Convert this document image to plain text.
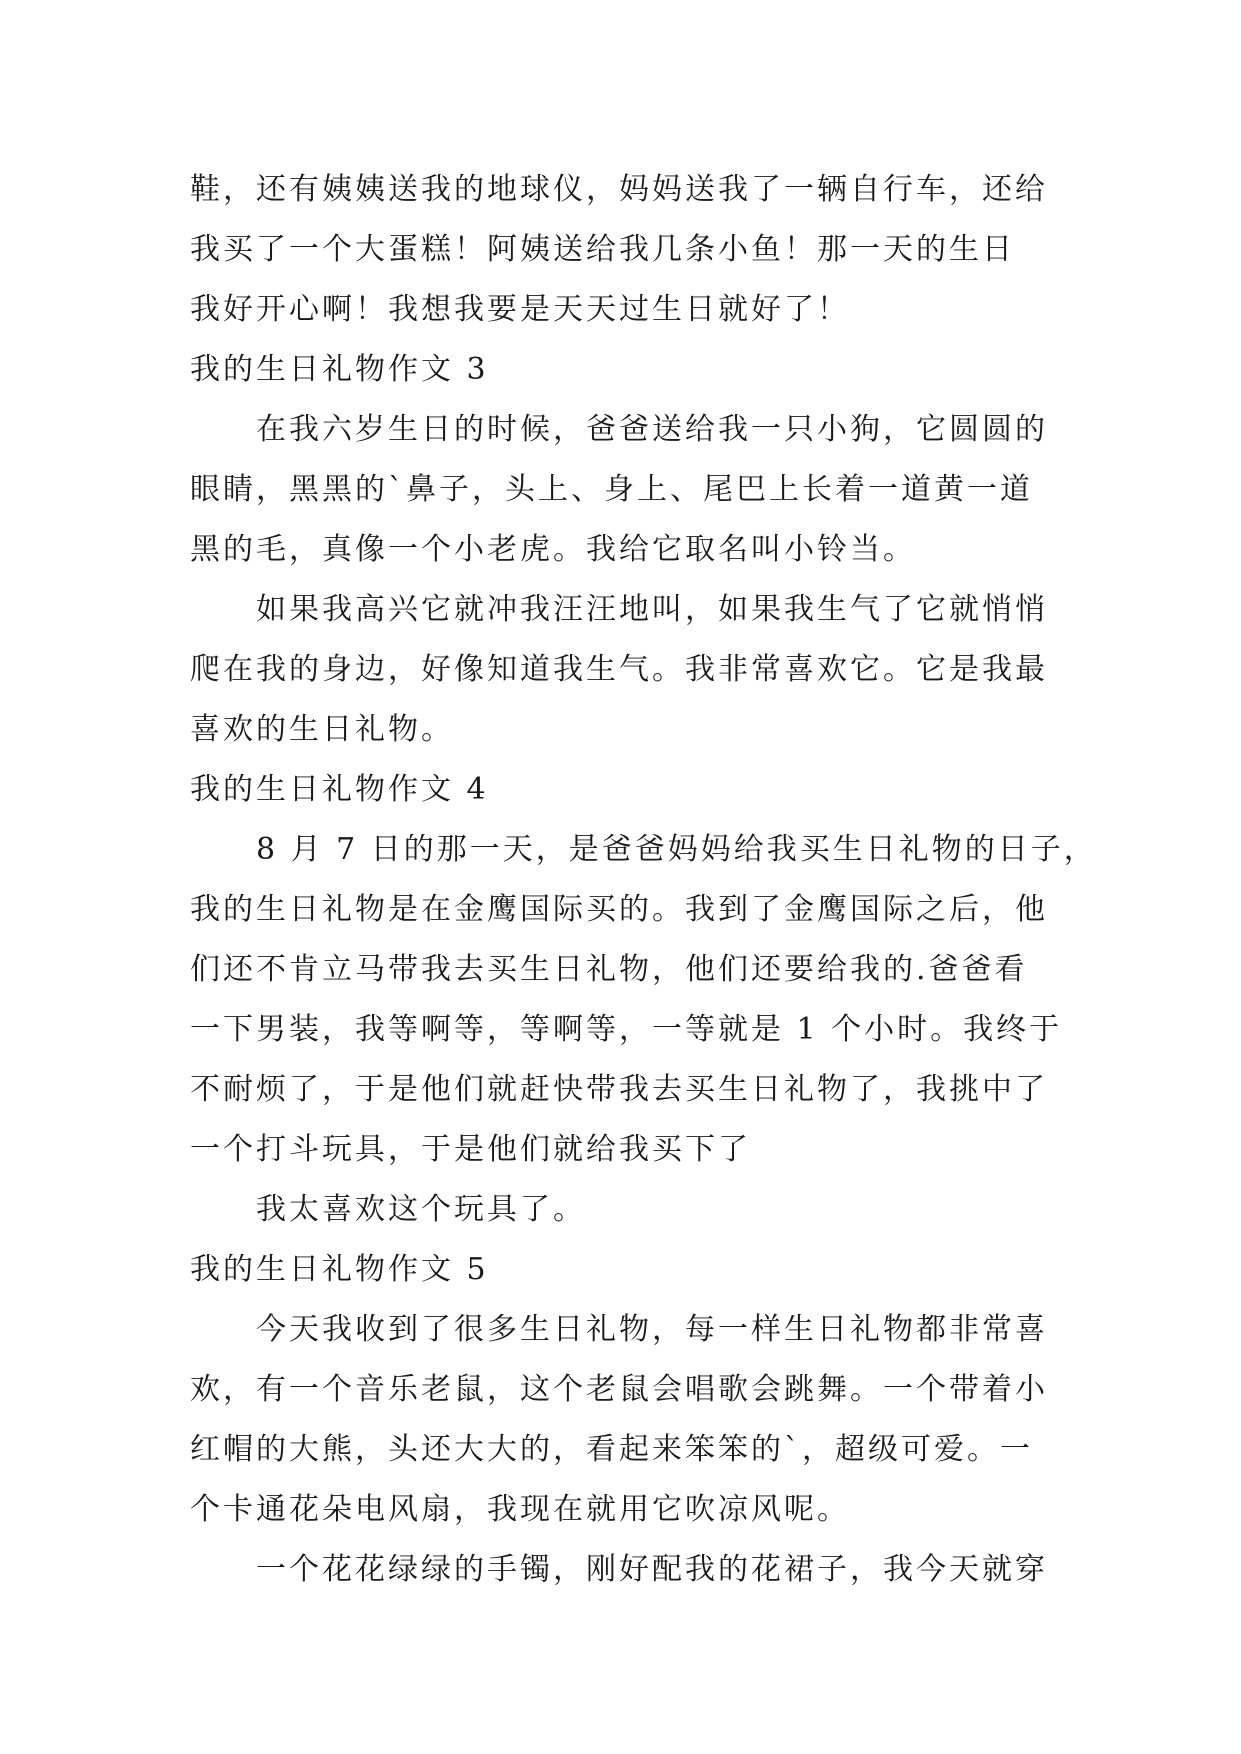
鞋，还有姨姨送我的地球仪，妈妈送我了一辆自行车，还给

我买了一个大蛋糕！阿姨送给我几条小鱼！那一天的生日

我好开心啊！我想我要是天天过生日就好了！

我的生日礼物作文 3

在我六岁生日的时候，爸爸送给我一只小狗，它圆圆的

眼睛，黑黑的`鼻子，头上、身上、尾巴上长着一道黄一道

黑的毛，真像一个小老虎。我给它取名叫小铃当。

如果我高兴它就冲我汪汪地叫，如果我生气了它就悄悄

爬在我的身边，好像知道我生气。我非常喜欢它。它是我最

喜欢的生日礼物。

我的生日礼物作文 4

8 月 7 日的那一天，是爸爸妈妈给我买生日礼物的日子，

我的生日礼物是在金鹰国际买的。我到了金鹰国际之后，他

们还不肯立马带我去买生日礼物，他们还要给我的.爸爸看

一下男装，我等啊等，等啊等，一等就是 1 个小时。我终于

不耐烦了，于是他们就赶快带我去买生日礼物了，我挑中了

一个打斗玩具，于是他们就给我买下了

我太喜欢这个玩具了。

我的生日礼物作文 5

今天我收到了很多生日礼物，每一样生日礼物都非常喜

欢，有一个音乐老鼠，这个老鼠会唱歌会跳舞。一个带着小

红帽的大熊，头还大大的，看起来笨笨的`，超级可爱。一

个卡通花朵电风扇，我现在就用它吹凉风呢。

一个花花绿绿的手镯，刚好配我的花裙子，我今天就穿
